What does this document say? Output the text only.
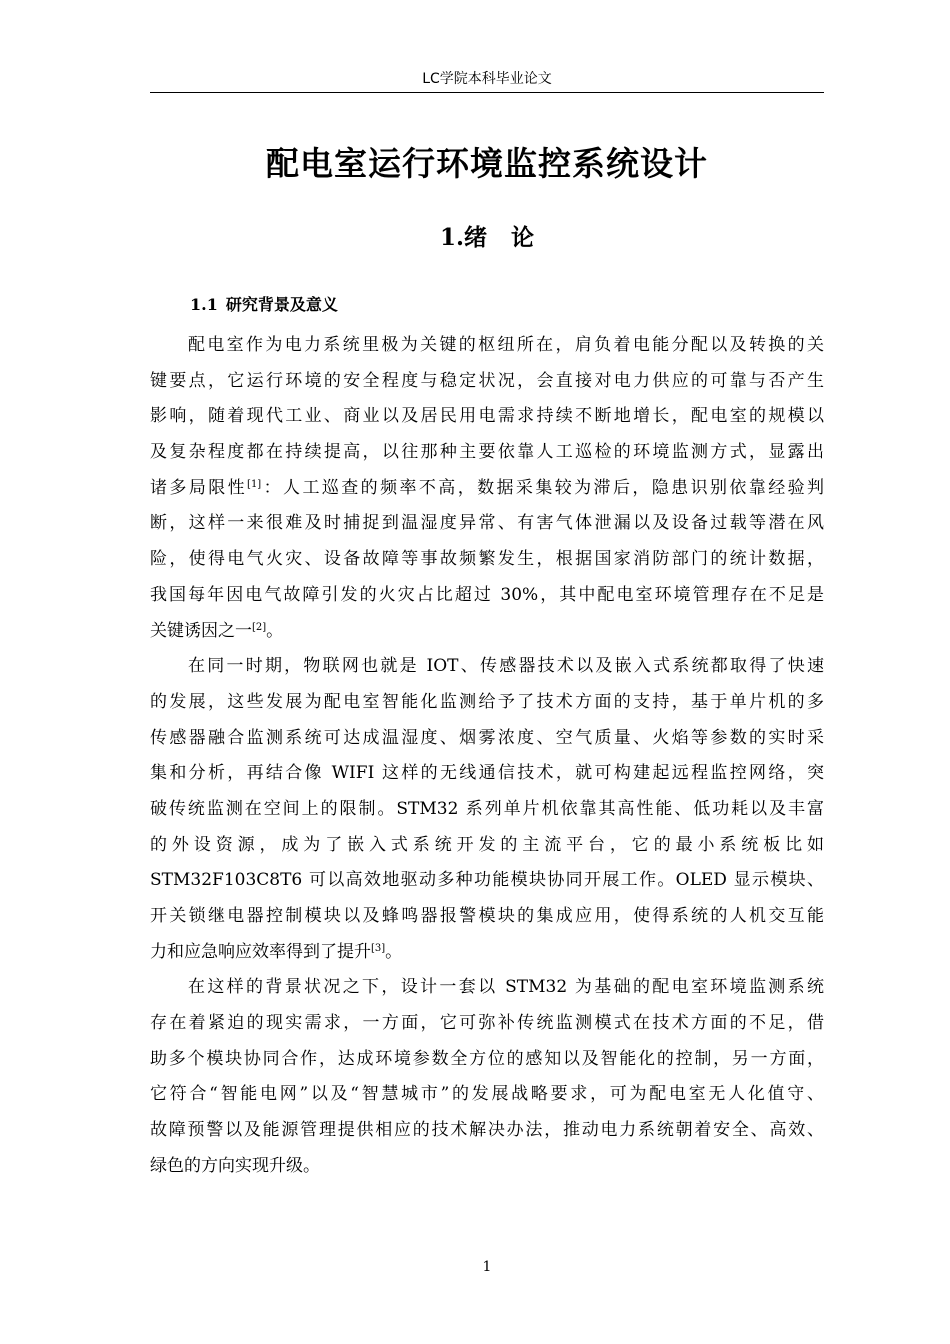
LC学院本科毕业论文
配电室运行环境监控系统设计
1.绪   论
1.1 研究背景及意义
配电室作为电力系统里极为关键的枢纽所在，肩负着电能分配以及转换的关
键要点，它运行环境的安全程度与稳定状况，会直接对电力供应的可靠与否产生
影响，随着现代工业、商业以及居民用电需求持续不断地增长，配电室的规模以
及复杂程度都在持续提高，以往那种主要依靠人工巡检的环境监测方式，显露出
诸多局限性[1]：人工巡查的频率不高，数据采集较为滞后，隐患识别依靠经验判
断，这样一来很难及时捕捉到温湿度异常、有害气体泄漏以及设备过载等潜在风
险，使得电气火灾、设备故障等事故频繁发生，根据国家消防部门的统计数据，
我国每年因电气故障引发的火灾占比超过 30%，其中配电室环境管理存在不足是
关键诱因之一[2]。
在同一时期，物联网也就是 IOT、传感器技术以及嵌入式系统都取得了快速
的发展，这些发展为配电室智能化监测给予了技术方面的支持，基于单片机的多
传感器融合监测系统可达成温湿度、烟雾浓度、空气质量、火焰等参数的实时采
集和分析，再结合像 WIFI 这样的无线通信技术，就可构建起远程监控网络，突
破传统监测在空间上的限制。STM32 系列单片机依靠其高性能、低功耗以及丰富
的外设资源，成为了嵌入式系统开发的主流平台，它的最小系统板比如
STM32F103C8T6 可以高效地驱动多种功能模块协同开展工作。OLED 显示模块、
开关锁继电器控制模块以及蜂鸣器报警模块的集成应用，使得系统的人机交互能
力和应急响应效率得到了提升[3]。
在这样的背景状况之下，设计一套以 STM32 为基础的配电室环境监测系统
存在着紧迫的现实需求，一方面，它可弥补传统监测模式在技术方面的不足，借
助多个模块协同合作，达成环境参数全方位的感知以及智能化的控制，另一方面，
它符合“智能电网”以及“智慧城市”的发展战略要求，可为配电室无人化值守、
故障预警以及能源管理提供相应的技术解决办法，推动电力系统朝着安全、高效、
绿色的方向实现升级。
1
